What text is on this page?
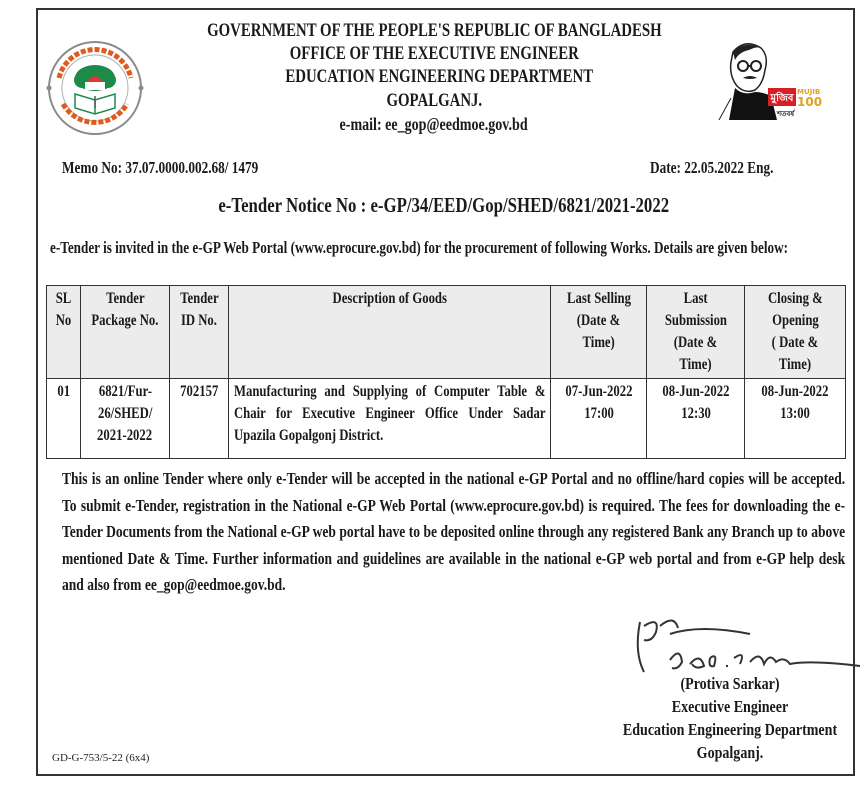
মুজিব
MUJIB
100
শতবর্ষ
GOVERNMENT OF THE PEOPLE'S REPUBLIC OF BANGLADESH
OFFICE OF THE EXECUTIVE ENGINEER
EDUCATION ENGINEERING DEPARTMENT
GOPALGANJ.
e-mail: ee_gop@eedmoe.gov.bd
Memo No: 37.07.0000.002.68/ 1479	Date: 22.05.2022 Eng.
e-Tender Notice No : e-GP/34/EED/Gop/SHED/6821/2021-2022
e-Tender is invited in the e-GP Web Portal (www.eprocure.gov.bd) for the procurement of following Works. Details are given below:
SL
No	Tender
Package No.	Tender
ID No.	Description of Goods	Last Selling
(Date &
Time)	Last
Submission
(Date & Time)	Closing &
Opening
( Date & Time)
01	6821/Fur-
26/SHED/
2021-2022	702157	Manufacturing and Supplying of Computer Table &
Chair for Executive Engineer Office Under Sadar
Upazila Gopalgonj District.	07-Jun-2022
17:00	08-Jun-2022
12:30	08-Jun-2022
13:00
This is an online Tender where only e-Tender will be accepted in the national e-GP Portal and no offline/hard copies will be accepted.
To submit e-Tender, registration in the National e-GP Web Portal (www.eprocure.gov.bd) is required. The fees for downloading the e-
Tender Documents from the National e-GP web portal have to be deposited online through any registered Bank any Branch up to above
mentioned Date & Time. Further information and guidelines are available in the national e-GP web portal and from e-GP help desk
and also from ee_gop@eedmoe.gov.bd.
(Protiva Sarkar)
Executive Engineer
Education Engineering Department
Gopalganj.
GD-G-753/5-22 (6x4)
